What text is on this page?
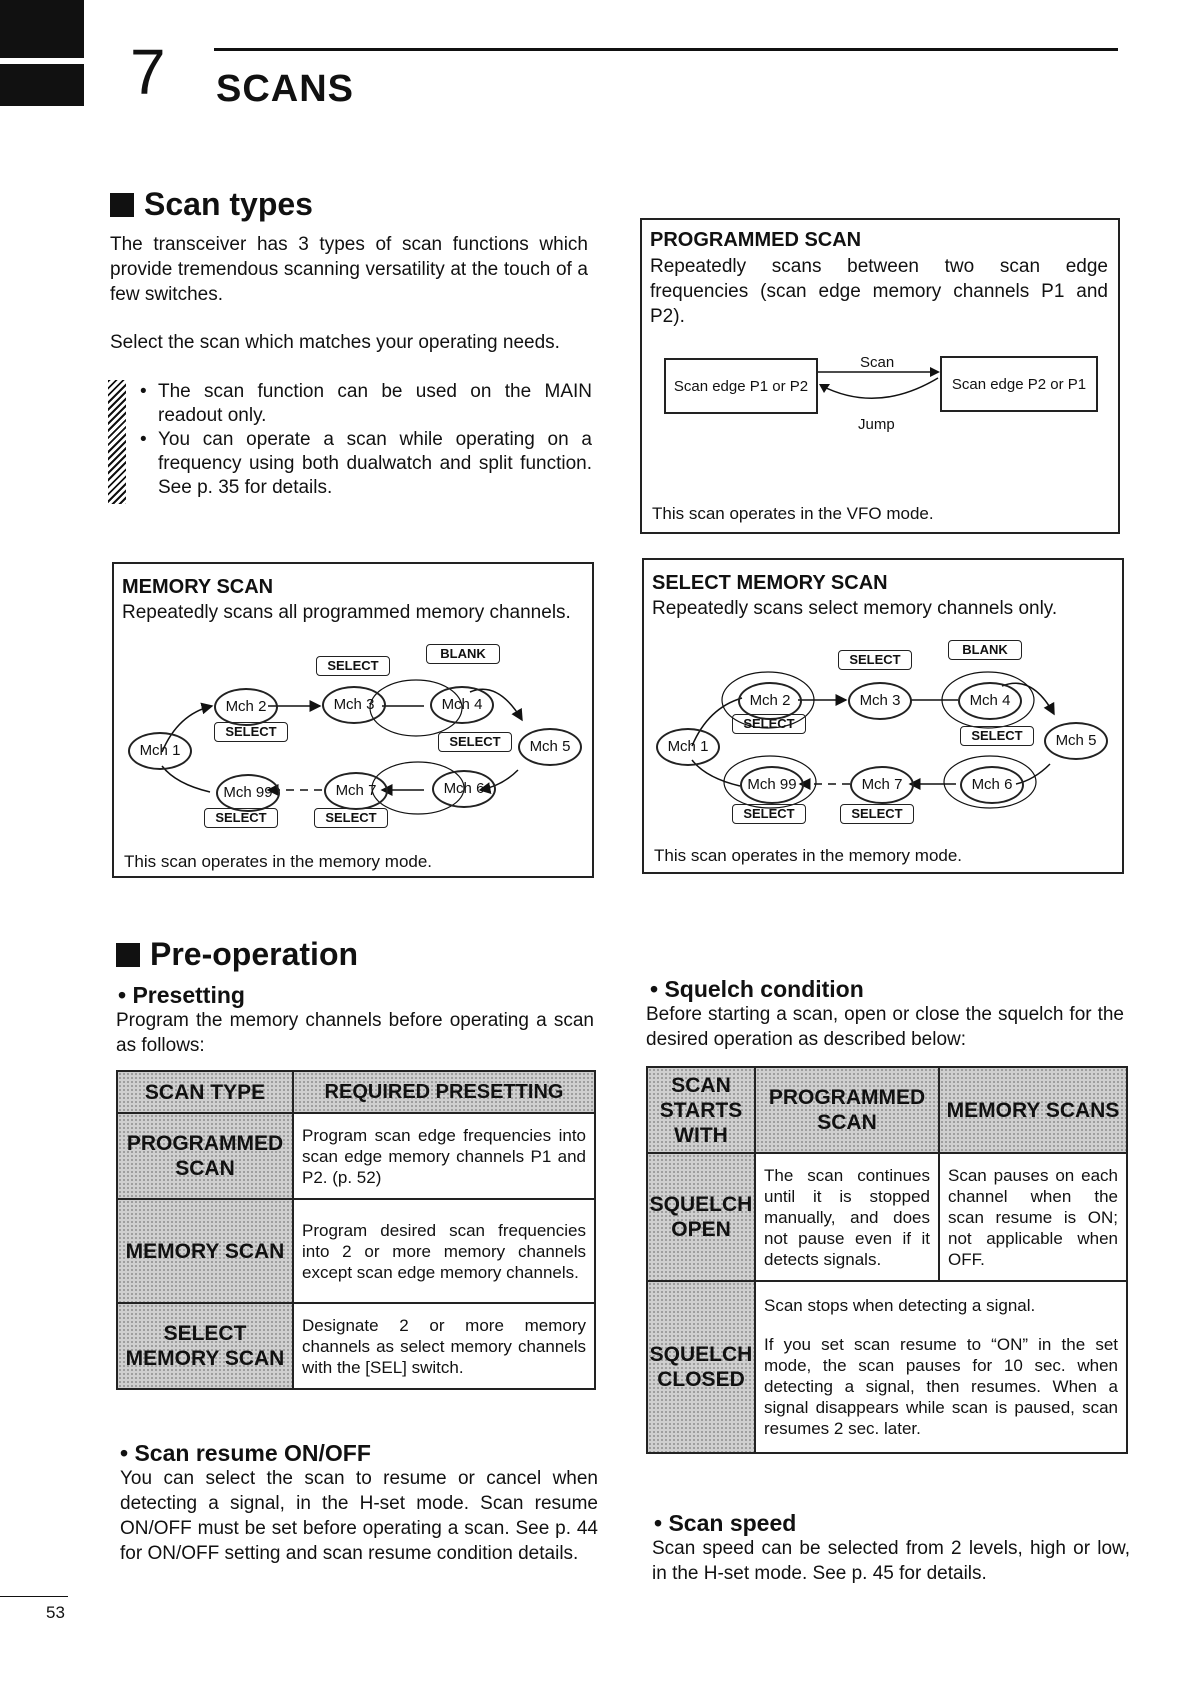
7 SCANS
Scan types

The transceiver has 3 types of scan functions which provide tremendous scanning versatility at the touch of a few switches.

Select the scan which matches your operating needs.

• The scan function can be used on the MAIN readout only.
• You can operate a scan while operating on a frequency using both dualwatch and split function. See p. 35 for details.
PROGRAMMED SCAN

Repeatedly scans between two scan edge frequencies (scan edge memory channels P1 and P2).

Scan edge P1 or P2	Scan edge P2 or P1
Scan
Jump
This scan operates in the VFO mode.
MEMORY SCAN

Repeatedly scans all programmed memory channels.

SELECT
BLANK
SELECT
SELECT
SELECT	SELECT
Mch 1
Mch 2	Mch 3	Mch 4
Mch 5
Mch 6
Mch 7
Mch 99
This scan operates in the memory mode.
SELECT MEMORY SCAN

Repeatedly scans select memory channels only.

SELECT
BLANK
SELECT
SELECT
SELECT	SELECT
Mch 1
Mch 2	Mch 3	Mch 4
Mch 5
Mch 6
Mch 7
Mch 99
This scan operates in the memory mode.
Pre-operation
• Presetting

Program the memory channels before operating a scan as follows:

SCAN TYPE	REQUIRED PRESETTING
PROGRAMMED SCAN	Program scan edge frequencies into scan edge memory channels P1 and P2. (p. 52)
MEMORY SCAN	Program desired scan frequencies into 2 or more memory channels except scan edge memory channels.
SELECT MEMORY SCAN	Designate 2 or more memory channels as select memory channels with the [SEL] switch.
• Scan resume ON/OFF

You can select the scan to resume or cancel when detecting a signal, in the H-set mode. Scan resume ON/OFF must be set before operating a scan. See p. 44 for ON/OFF setting and scan resume condition details.

• Squelch condition

Before starting a scan, open or close the squelch for the desired operation as described below:

SCAN STARTS WITH	PROGRAMMED SCAN	MEMORY SCANS
SQUELCH OPEN	The scan continues until it is stopped manually, and does not pause even if it detects signals.	Scan pauses on each channel when the scan resume is ON; not applicable when OFF.
SQUELCH CLOSED	Scan stops when detecting a signal.

If you set scan resume to “ON” in the set mode, the scan pauses for 10 sec. when detecting a signal, then resumes. When a signal disappears while scan is paused, scan resumes 2 sec. later.	

• Scan speed

Scan speed can be selected from 2 levels, high or low, in the H-set mode. See p. 45 for details.

53
